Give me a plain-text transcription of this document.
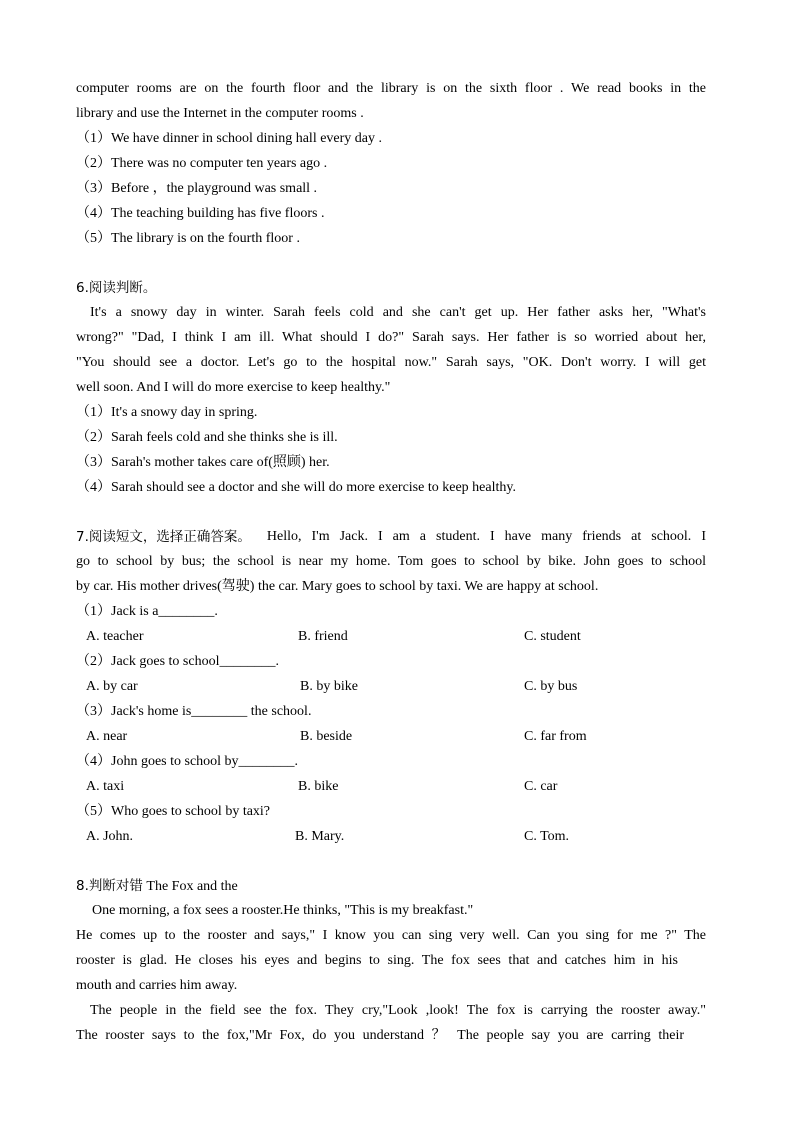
computer rooms are on the fourth floor and the library is on the sixth floor . We read books in the
library and use the Internet in the computer rooms .
（1）We have dinner in school dining hall every day .
（2）There was no computer ten years ago .
（3）Before ，the playground was small .
（4）The teaching building has five floors .
（5）The library is on the fourth floor .
6.阅读判断。
It's a snowy day in winter. Sarah feels cold and she can't get up. Her father asks her, "What's
wrong?" "Dad, I think I am ill. What should I do?" Sarah says. Her father is so worried about her,
"You should see a doctor. Let's go to the hospital now." Sarah says, "OK. Don't worry. I will get
well soon. And I will do more exercise to keep healthy."
（1）It's a snowy day in spring.
（2）Sarah feels cold and she thinks she is ill.
（3）Sarah's mother takes care of(照顾) her.
（4）Sarah should see a doctor and she will do more exercise to keep healthy.
7.阅读短文，选择正确答案。	Hello, I'm Jack. I am a student. I have many friends at school. I
go to school by bus; the school is near my home. Tom goes to school by bike. John goes to school
by car. His mother drives(驾驶) the car. Mary goes to school by taxi. We are happy at school.
（1）Jack is a________.
A. teacher	B. friend	C. student
（2）Jack goes to school________.
A. by car	B. by bike	C. by bus
（3）Jack's home is________ the school.
A. near	B. beside	C. far from
（4）John goes to school by________.
A. taxi	B. bike	C. car
（5）Who goes to school by taxi?
A. John.	B. Mary.	C. Tom.
8.判断对错 The Fox and the
One morning, a fox sees a rooster.He thinks, "This is my breakfast."
He comes up to the rooster and says," I know you can sing very well. Can you sing for me ?" The
rooster is glad. He closes his eyes and begins to sing. The fox sees that and catches him in his
mouth and carries him away.
The people in the field see the fox. They cry,"Look ,look! The fox is carrying the rooster away."
The rooster says to the fox,"Mr Fox, do you understand ？ The people say you are carring their
